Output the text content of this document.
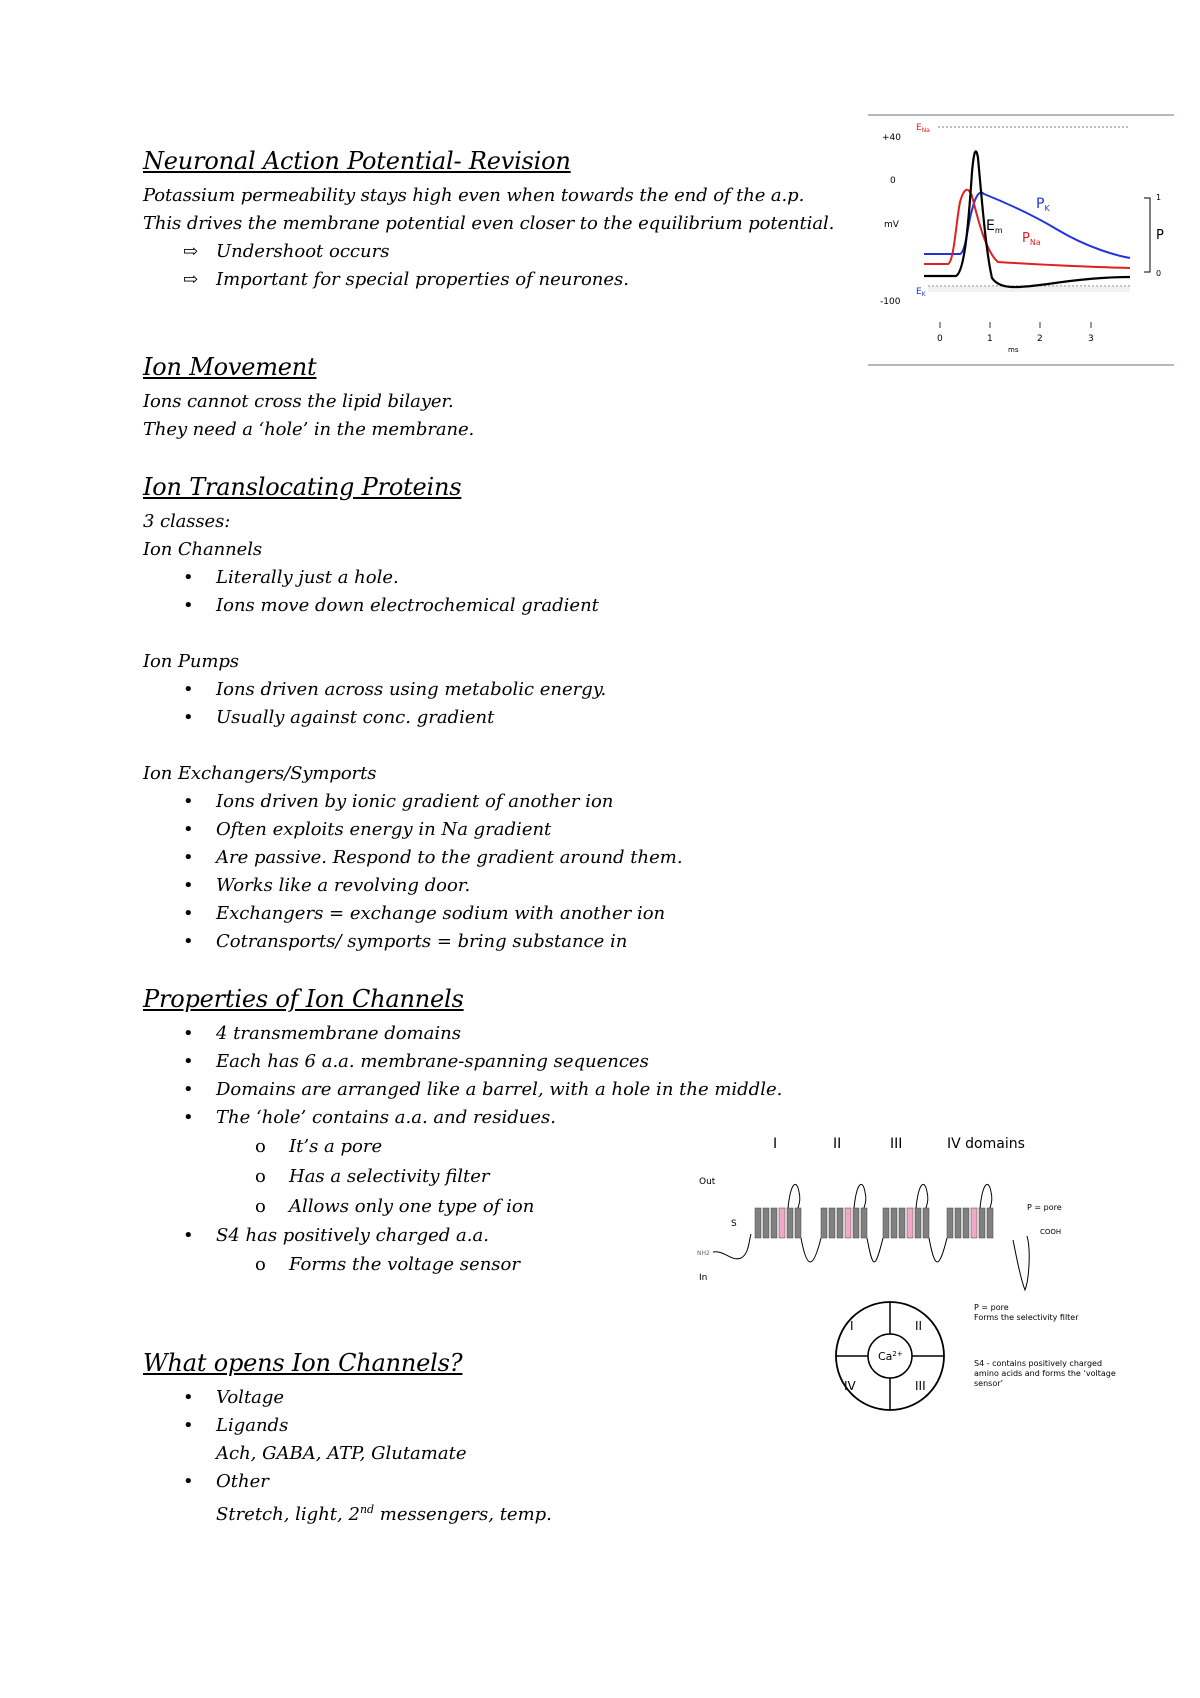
Neuronal Action Potential- Revision

Potassium permeability stays high even when towards the end of the a.p.

This drives the membrane potential even closer to the equilibrium potential.

⇨ Undershoot occurs
⇨ Important for special properties of neurones.
Ion Movement

Ions cannot cross the lipid bilayer.

They need a ‘hole’ in the membrane.

Ion Translocating Proteins

3 classes:

Ion Channels

• Literally just a hole.
• Ions move down electrochemical gradient

Ion Pumps

• Ions driven across using metabolic energy.
• Usually against conc. gradient

Ion Exchangers/Symports

• Ions driven by ionic gradient of another ion
• Often exploits energy in Na gradient
• Are passive. Respond to the gradient around them.
• Works like a revolving door.
• Exchangers = exchange sodium with another ion
• Cotransports/ symports = bring substance in
Properties of Ion Channels
• 4 transmembrane domains
• Each has 6 a.a. membrane-spanning sequences
• Domains are arranged like a barrel, with a hole in the middle.
• The ‘hole’ contains a.a. and residues.
o It’s a pore
o Has a selectivity filter
o Allows only one type of ion
• S4 has positively charged a.a.
o Forms the voltage sensor
What opens Ion Channels?
• Voltage
• Ligands
Ach, GABA, ATP, Glutamate
• Other
Stretch, light, 2nd messengers, temp.
+40
0
mV
-100
$E_{Na}$
$E_K$
$P_K$
$P_{Na}$
$E_m$
1
0
P
0	1	2	3
ms
I	II	III	IV domains
Out
In
S
NH2
P = pore
COOH
I	II
III
IV
$Ca^{2+}$
P = pore
Forms the selectivity filter
S4 - contains positively charged
amino acids and forms the ‘voltage
sensor’
